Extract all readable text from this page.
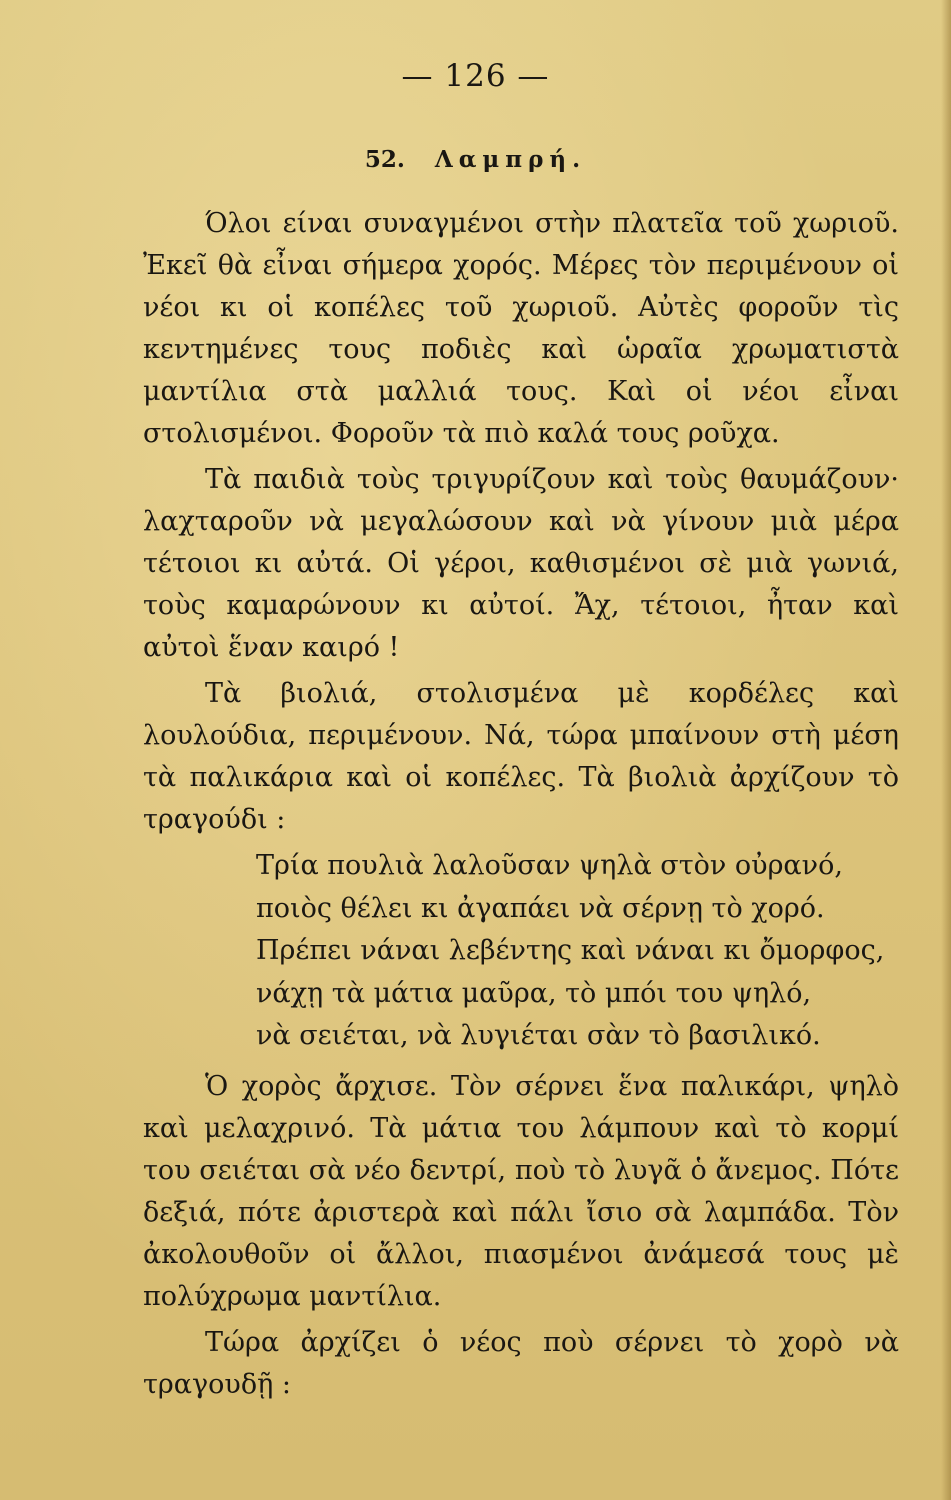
— 126 —
52. Λαμπρή.

Όλοι είναι συναγμένοι στὴν πλατεῖα τοῦ χωριοῦ. Ἐκεῖ θὰ εἶναι σήμερα χορός. Μέρες τὸν περιμένουν οἱ νέοι κι οἱ κοπέλες τοῦ χωριοῦ. Αὐτὲς φοροῦν τὶς κεντημένες τους ποδιὲς καὶ ὡραῖα χρωματιστὰ μαντίλια στὰ μαλλιά τους. Καὶ οἱ νέοι εἶναι στολισμένοι. Φοροῦν τὰ πιὸ καλά τους ροῦχα.

Τὰ παιδιὰ τοὺς τριγυρίζουν καὶ τοὺς θαυμάζουν· λαχταροῦν νὰ μεγαλώσουν καὶ νὰ γίνουν μιὰ μέρα τέτοιοι κι αὐτά. Οἱ γέροι, καθισμένοι σὲ μιὰ γωνιά, τοὺς καμαρώνουν κι αὐτοί. Ἄχ, τέτοιοι, ἦταν καὶ αὐτοὶ ἕναν καιρό !

Τὰ βιολιά, στολισμένα μὲ κορδέλες καὶ λουλούδια, περιμένουν. Νά, τώρα μπαίνουν στὴ μέση τὰ παλικάρια καὶ οἱ κοπέλες. Τὰ βιολιὰ ἀρχίζουν τὸ τραγούδι :

Τρία πουλιὰ λαλοῦσαν ψηλὰ στὸν οὐρανό,
ποιὸς θέλει κι ἀγαπάει νὰ σέρνῃ τὸ χορό.
Πρέπει νάναι λεβέντης καὶ νάναι κι ὄμορφος,
νάχῃ τὰ μάτια μαῦρα, τὸ μπόι του ψηλό,
νὰ σειέται, νὰ λυγιέται σὰν τὸ βασιλικό.

Ὁ χορὸς ἄρχισε. Τὸν σέρνει ἕνα παλικάρι, ψηλὸ καὶ μελαχρινό. Τὰ μάτια του λάμπουν καὶ τὸ κορμί του σειέται σὰ νέο δεντρί, ποὺ τὸ λυγᾶ ὁ ἄνεμος. Πότε δεξιά, πότε ἀριστερὰ καὶ πάλι ἴσιο σὰ λαμπάδα. Τὸν ἀκολουθοῦν οἱ ἄλλοι, πιασμένοι ἀνάμεσά τους μὲ πολύχρωμα μαντίλια.

Τώρα ἀρχίζει ὁ νέος ποὺ σέρνει τὸ χορὸ νὰ τραγουδῇ :
